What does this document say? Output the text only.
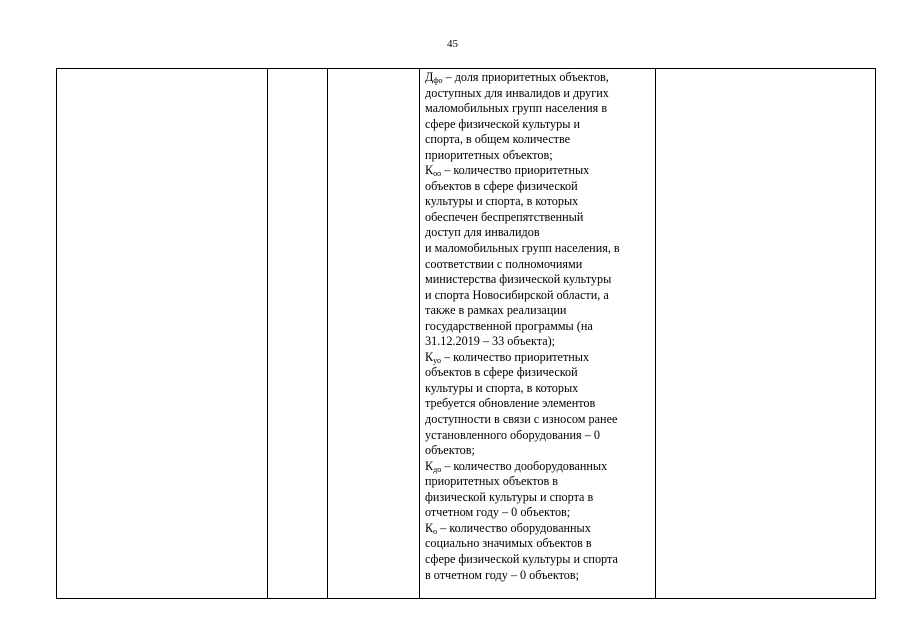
45
Дфо – доля приоритетных объектов,
доступных для инвалидов и других
маломобильных групп населения в
сфере физической культуры и
спорта, в общем количестве
приоритетных объектов;
Коо – количество приоритетных
объектов в сфере физической
культуры и спорта, в которых
обеспечен беспрепятственный
доступ для инвалидов
и маломобильных групп населения, в
соответствии с полномочиями
министерства физической культуры
и спорта Новосибирской области, а
также в рамках реализации
государственной программы (на
31.12.2019 – 33 объекта);
Куо – количество приоритетных
объектов в сфере физической
культуры и спорта, в которых
требуется обновление элементов
доступности в связи с износом ранее
установленного оборудования – 0
объектов;
Кдо – количество дооборудованных
приоритетных объектов в
физической культуры и спорта в
отчетном году – 0 объектов;
Ко – количество оборудованных
социально значимых объектов в
сфере физической культуры и спорта
в отчетном году – 0 объектов;
